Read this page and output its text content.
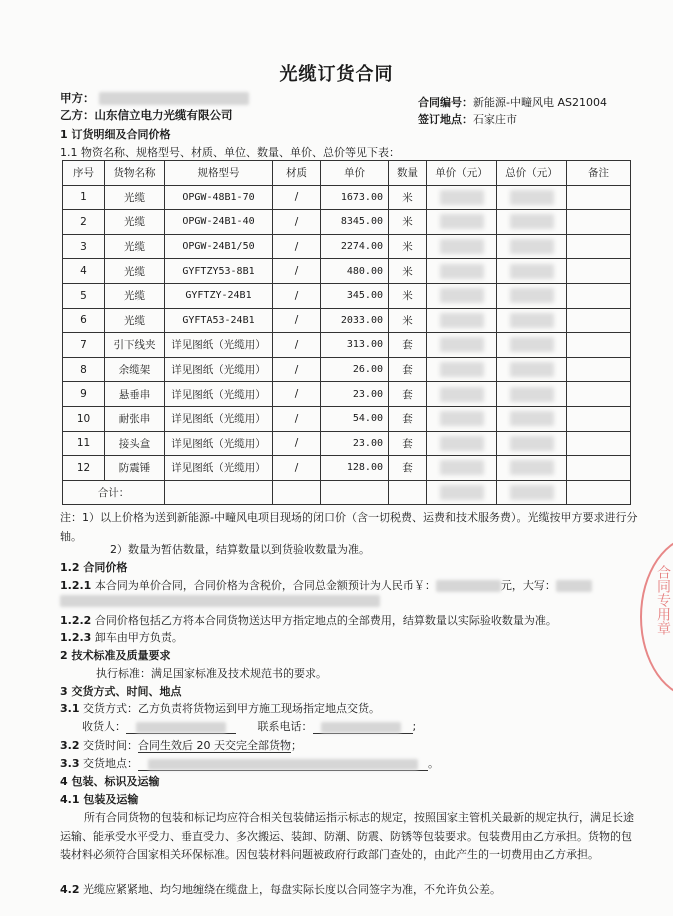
光缆订货合同
甲方：
乙方：山东信立电力光缆有限公司
合同编号：新能源-中疃风电 AS21004
签订地点：石家庄市
1 订货明细及合同价格
1.1 物资名称、规格型号、材质、单位、数量、单价、总价等见下表：
序号	货物名称	规格型号	材质	单价	数量	单价（元）	总价（元）	备注
1	光缆	OPGW-48B1-70	/	1673.00	米	

2	光缆	OPGW-24B1-40	/	8345.00	米	

3	光缆	OPGW-24B1/50	/	2274.00	米	

4	光缆	GYFTZY53-8B1	/	480.00	米	

5	光缆	GYFTZY-24B1	/	345.00	米	

6	光缆	GYFTA53-24B1	/	2033.00	米	

7	引下线夹	详见图纸（光缆用）	/	313.00	套	

8	余缆架	详见图纸（光缆用）	/	26.00	套	

9	悬垂串	详见图纸（光缆用）	/	23.00	套	

10	耐张串	详见图纸（光缆用）	/	54.00	套	

11	接头盒	详见图纸（光缆用）	/	23.00	套	

12	防震锤	详见图纸（光缆用）	/	128.00	套	

合计：						

注：1）以上价格为送到新能源-中疃风电项目现场的闭口价（含一切税费、运费和技术服务费）。光缆按甲方要求进行分轴。
2）数量为暂估数量，结算数量以到货验收数量为准。
1.2 合同价格
1.2.1 本合同为单价合同，合同价格为含税价，合同总金额预计为人民币￥：	元，大写：
1.2.2 合同价格包括乙方将本合同货物送达甲方指定地点的全部费用，结算数量以实际验收数量为准。
1.2.3 卸车由甲方负责。
2 技术标准及质量要求
执行标准：满足国家标准及技术规范书的要求。
3 交货方式、时间、地点
3.1 交货方式：乙方负责将货物运到甲方施工现场指定地点交货。
收货人：	联系电话：	;
3.2 交货时间：合同生效后 20 天交完全部货物；
3.3 交货地点：	。
4 包装、标识及运输
4.1 包装及运输
所有合同货物的包装和标记均应符合相关包装储运指示标志的规定，按照国家主管机关最新的规定执行，满足长途运输、能承受水平受力、垂直受力、多次搬运、装卸、防潮、防震、防锈等包装要求。包装费用由乙方承担。货物的包装材料必须符合国家相关环保标准。因包装材料问题被政府行政部门查处的，由此产生的一切费用由乙方承担。
4.2 光缆应紧紧地、均匀地缠绕在缆盘上，每盘实际长度以合同签字为准，不允许负公差。
合同专用章
